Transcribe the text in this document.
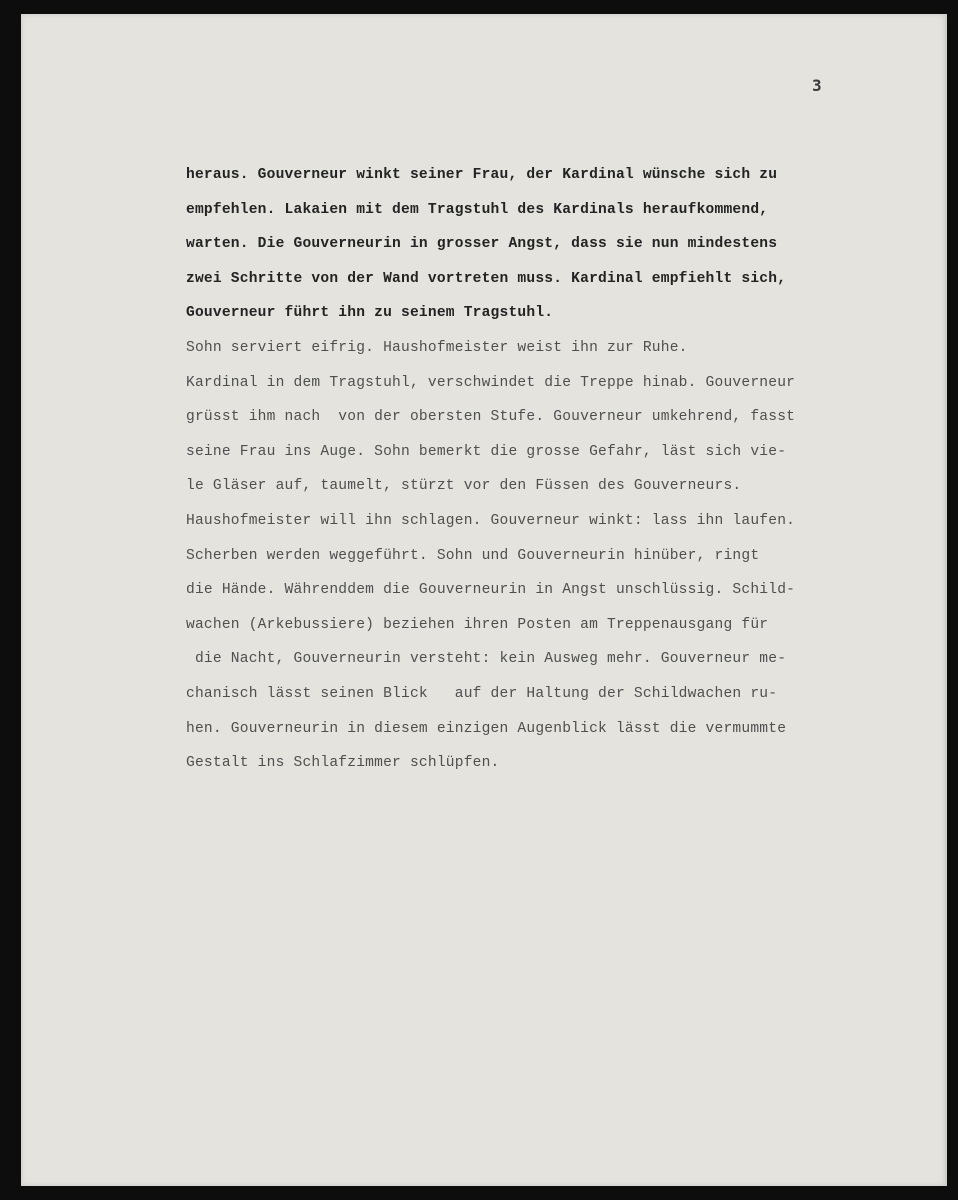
3
heraus. Gouverneur winkt seiner Frau, der Kardinal wünsche sich zu
empfehlen. Lakaien mit dem Tragstuhl des Kardinals heraufkommend,
warten. Die Gouverneurin in grosser Angst, dass sie nun mindestens
zwei Schritte von der Wand vortreten muss. Kardinal empfiehlt sich,
Gouverneur führt ihn zu seinem Tragstuhl.
Sohn serviert eifrig. Haushofmeister weist ihn zur Ruhe.
Kardinal in dem Tragstuhl, verschwindet die Treppe hinab. Gouverneur
grüsst ihm nach  von der obersten Stufe. Gouverneur umkehrend, fasst
seine Frau ins Auge. Sohn bemerkt die grosse Gefahr, läst sich vie-
le Gläser auf, taumelt, stürzt vor den Füssen des Gouverneurs.
Haushofmeister will ihn schlagen. Gouverneur winkt: lass ihn laufen.
Scherben werden weggeführt. Sohn und Gouverneurin hinüber, ringt
die Hände. Währenddem die Gouverneurin in Angst unschlüssig. Schild-
wachen (Arkebussiere) beziehen ihren Posten am Treppenausgang für
die Nacht, Gouverneurin versteht: kein Ausweg mehr. Gouverneur me-
chanisch lässt seinen Blick   auf der Haltung der Schildwachen ru-
hen. Gouverneurin in diesem einzigen Augenblick lässt die vermummte
Gestalt ins Schlafzimmer schlüpfen.
